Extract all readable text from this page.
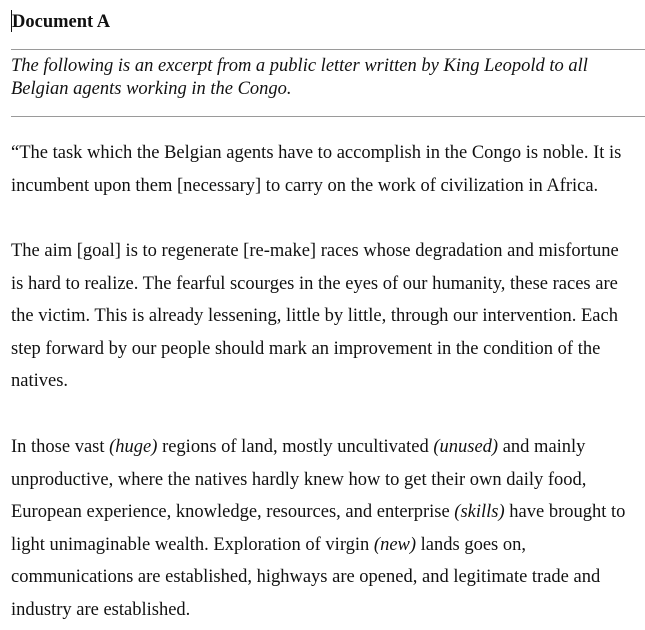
Document A
The following is an excerpt from a public letter written by King Leopold to all
Belgian agents working in the Congo.
“The task which the Belgian agents have to accomplish in the Congo is noble. It is
incumbent upon them [necessary] to carry on the work of civilization in Africa.
The aim [goal] is to regenerate [re-make] races whose degradation and misfortune
is hard to realize. The fearful scourges in the eyes of our humanity, these races are
the victim. This is already lessening, little by little, through our intervention. Each
step forward by our people should mark an improvement in the condition of the
natives.
In those vast (huge) regions of land, mostly uncultivated (unused) and mainly
unproductive, where the natives hardly knew how to get their own daily food,
European experience, knowledge, resources, and enterprise (skills) have brought to
light unimaginable wealth. Exploration of virgin (new) lands goes on,
communications are established, highways are opened, and legitimate trade and
industry are established.
